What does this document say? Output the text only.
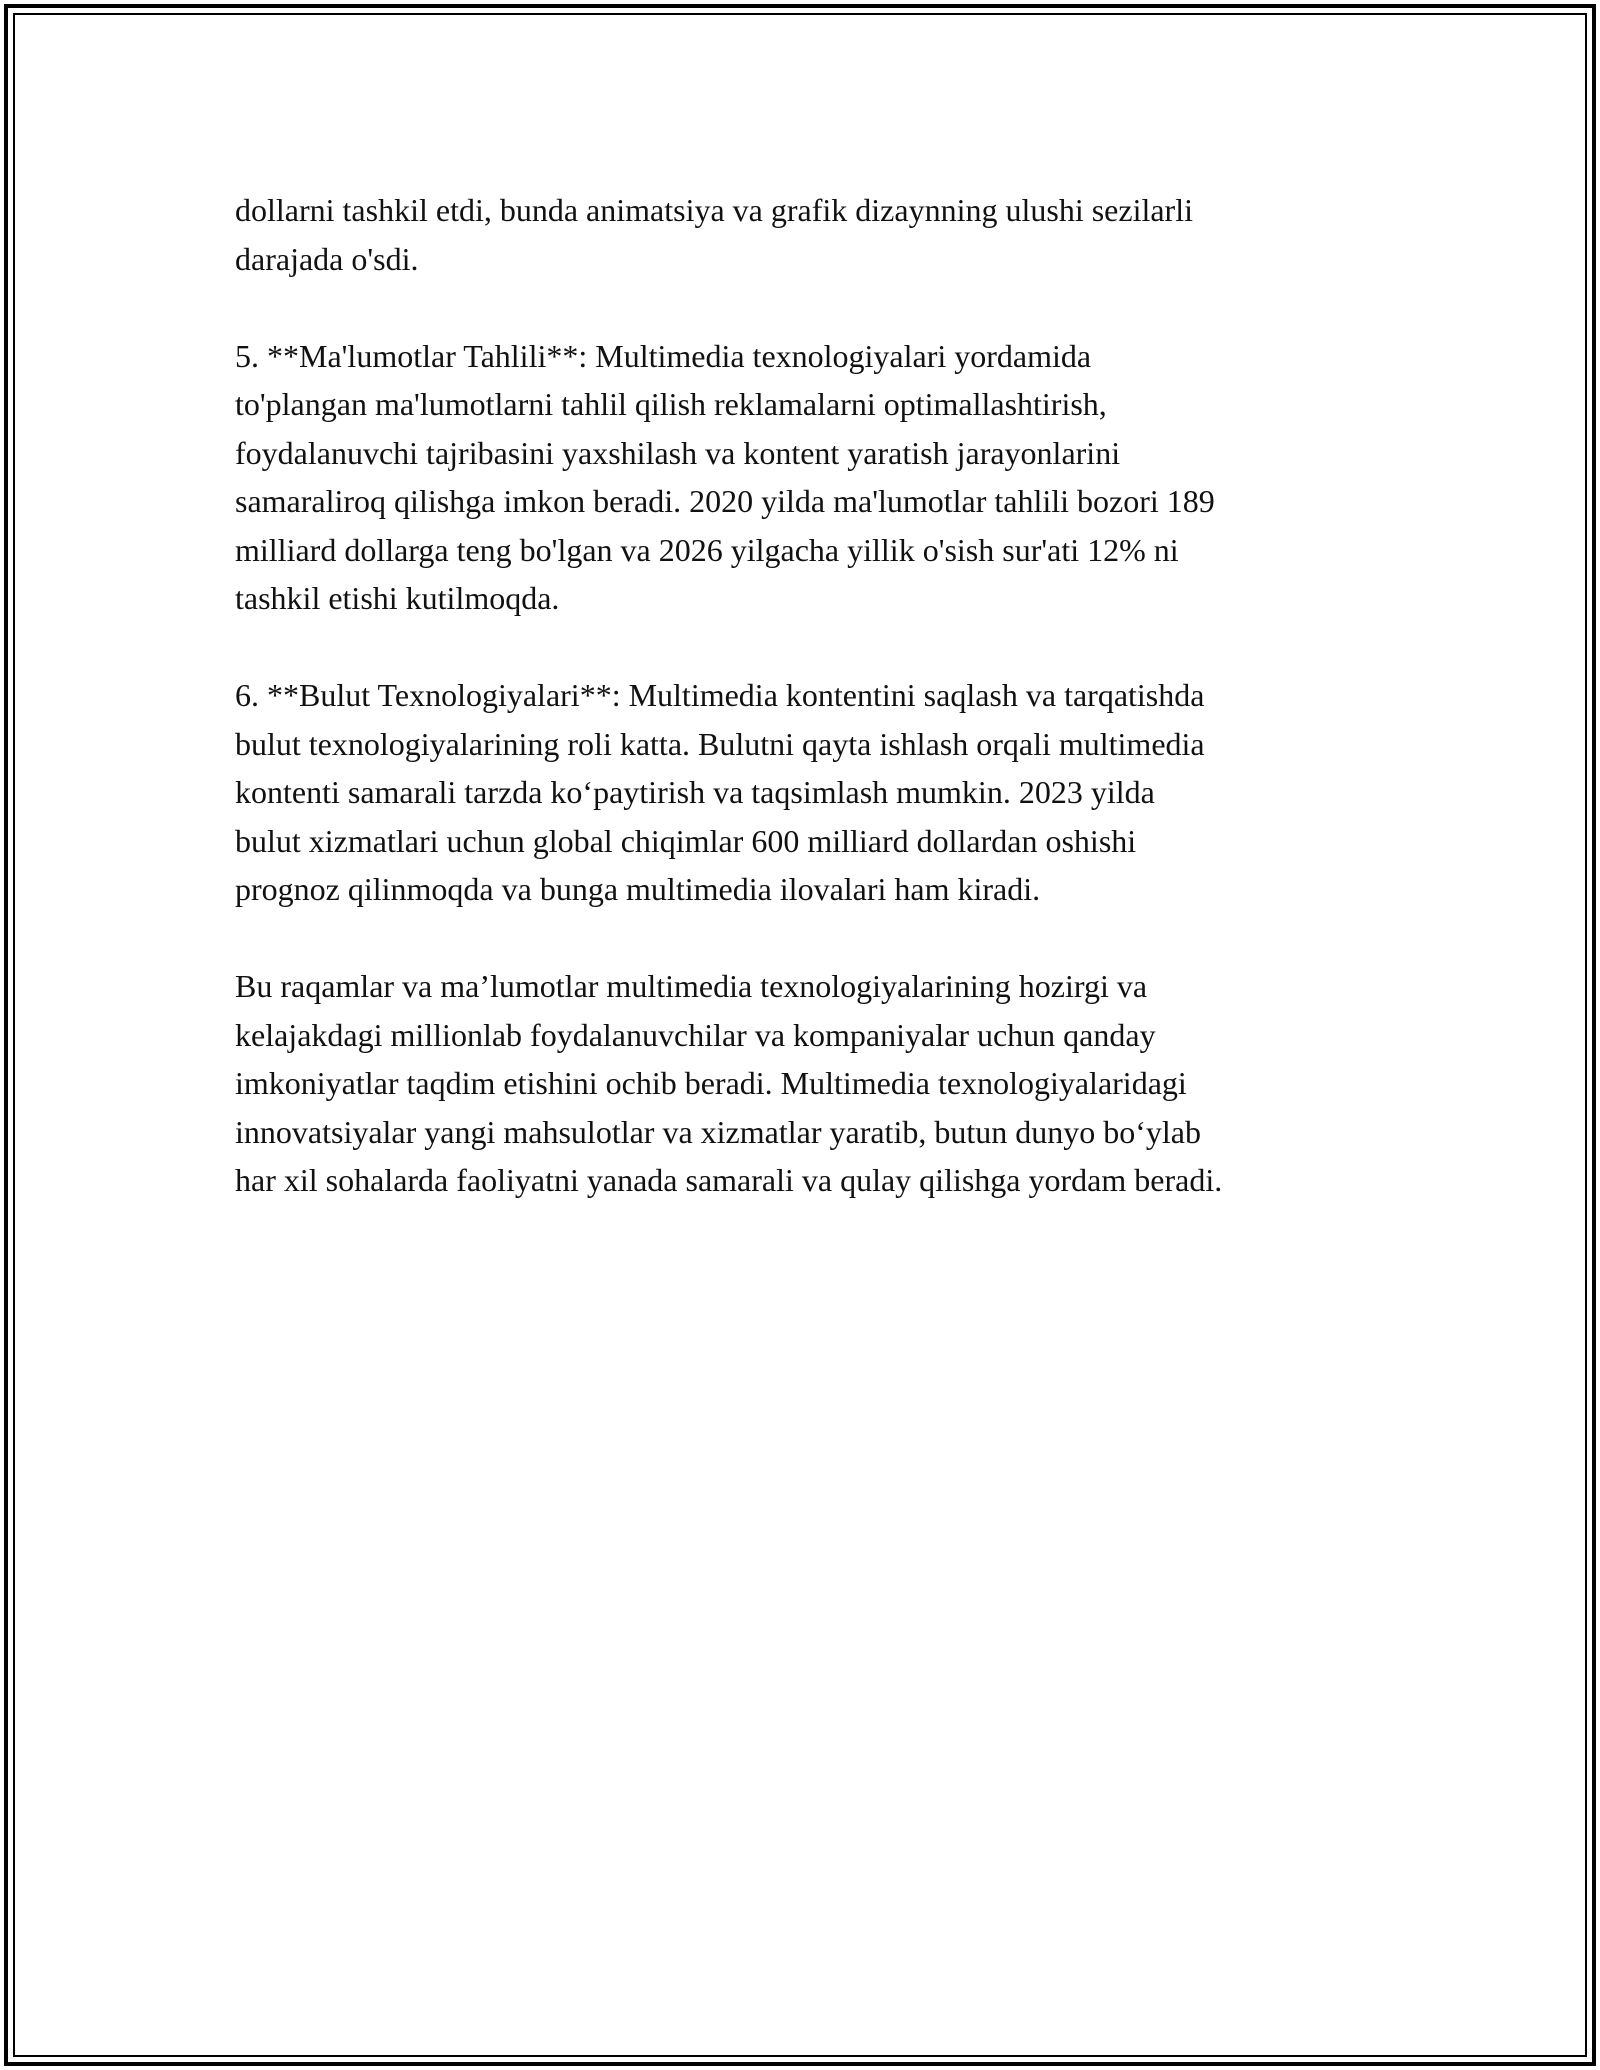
dollarni tashkil etdi, bunda animatsiya va grafik dizaynning ulushi sezilarli
darajada o'sdi.

5. **Ma'lumotlar Tahlili**: Multimedia texnologiyalari yordamida
to'plangan ma'lumotlarni tahlil qilish reklamalarni optimallashtirish,
foydalanuvchi tajribasini yaxshilash va kontent yaratish jarayonlarini
samaraliroq qilishga imkon beradi. 2020 yilda ma'lumotlar tahlili bozori 189
milliard dollarga teng bo'lgan va 2026 yilgacha yillik o'sish sur'ati 12% ni
tashkil etishi kutilmoqda.

6. **Bulut Texnologiyalari**: Multimedia kontentini saqlash va tarqatishda
bulut texnologiyalarining roli katta. Bulutni qayta ishlash orqali multimedia
kontenti samarali tarzda ko‘paytirish va taqsimlash mumkin. 2023 yilda
bulut xizmatlari uchun global chiqimlar 600 milliard dollardan oshishi
prognoz qilinmoqda va bunga multimedia ilovalari ham kiradi.

Bu raqamlar va ma’lumotlar multimedia texnologiyalarining hozirgi va
kelajakdagi millionlab foydalanuvchilar va kompaniyalar uchun qanday
imkoniyatlar taqdim etishini ochib beradi. Multimedia texnologiyalaridagi
innovatsiyalar yangi mahsulotlar va xizmatlar yaratib, butun dunyo bo‘ylab
har xil sohalarda faoliyatni yanada samarali va qulay qilishga yordam beradi.
